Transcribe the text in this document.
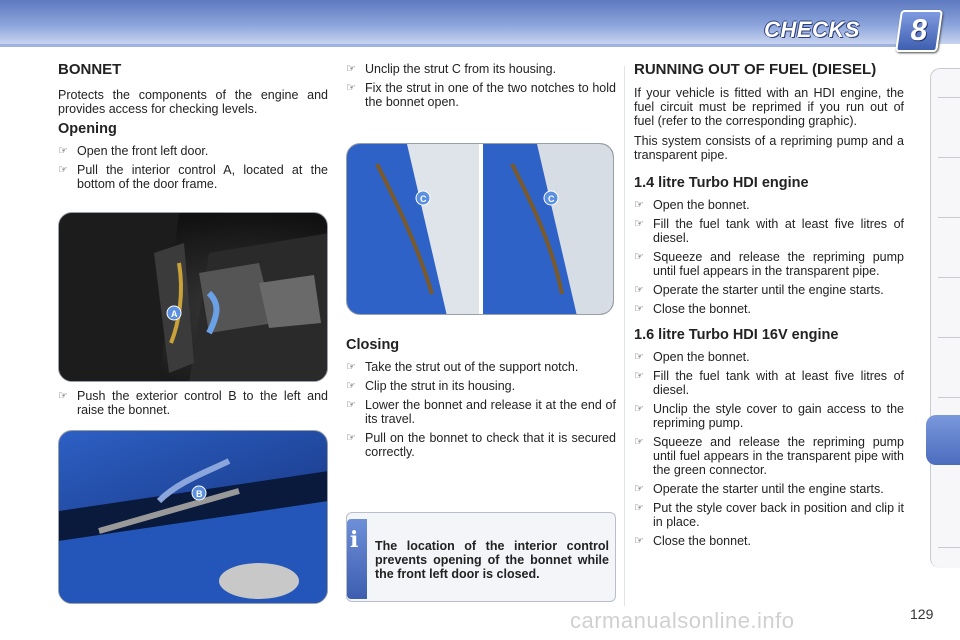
CHECKS 8
BONNET

Protects the components of the engine and provides access for checking levels.

Opening
☞ Open the front left door.
☞ Pull the interior control A, located at the bottom of the door frame.
A
☞ Push the exterior control B to the left and raise the bonnet.
B
☞ Unclip the strut C from its housing.
☞ Fix the strut in one of the two notches to hold the bonnet open.
C	C
Closing
☞ Take the strut out of the support notch.
☞ Clip the strut in its housing.
☞ Lower the bonnet and release it at the end of its travel.
☞ Pull on the bonnet to check that it is secured correctly.
i The location of the interior control prevents opening of the bonnet while the front left door is closed.
RUNNING OUT OF FUEL (DIESEL)

If your vehicle is fitted with an HDI engine, the fuel circuit must be reprimed if you run out of fuel (refer to the corresponding graphic).

This system consists of a repriming pump and a transparent pipe.

1.4 litre Turbo HDI engine
☞ Open the bonnet.
☞ Fill the fuel tank with at least five litres of diesel.
☞ Squeeze and release the repriming pump until fuel appears in the transparent pipe.
☞ Operate the starter until the engine starts.
☞ Close the bonnet.
1.6 litre Turbo HDI 16V engine
☞ Open the bonnet.
☞ Fill the fuel tank with at least five litres of diesel.
☞ Unclip the style cover to gain access to the repriming pump.
☞ Squeeze and release the repriming pump until fuel appears in the transparent pipe with the green connector.
☞ Operate the starter until the engine starts.
☞ Put the style cover back in position and clip it in place.
☞ Close the bonnet.
carmanualsonline.info	129
